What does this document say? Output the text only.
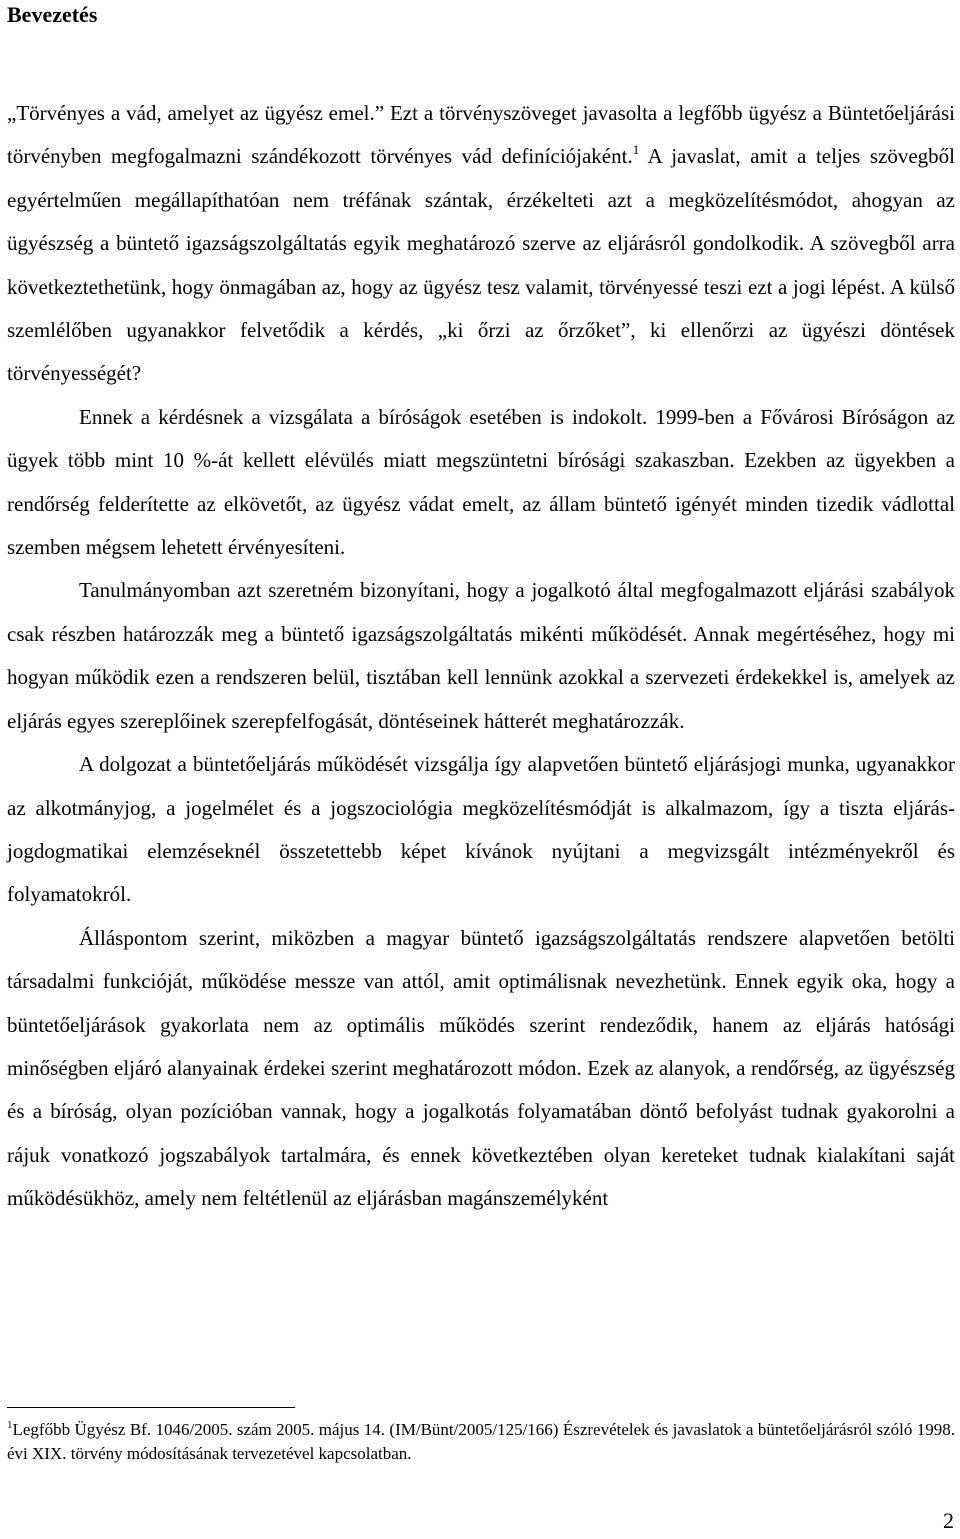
Bevezetés

„Törvényes a vád, amelyet az ügyész emel.” Ezt a törvényszöveget javasolta a legfőbb ügyész a Büntetőeljárási törvényben megfogalmazni szándékozott törvényes vád definíciójaként.$^1$ A javaslat, amit a teljes szövegből egyértelműen megállapíthatóan nem tréfának szántak, érzékelteti azt a megközelítésmódot, ahogyan az ügyészség a büntető igazságszolgáltatás egyik meghatározó szerve az eljárásról gondolkodik. A szövegből arra következtethetünk, hogy önmagában az, hogy az ügyész tesz valamit, törvényessé teszi ezt a jogi lépést. A külső szemlélőben ugyanakkor felvetődik a kérdés, „ki őrzi az őrzőket”, ki ellenőrzi az ügyészi döntések törvényességét?

Ennek a kérdésnek a vizsgálata a bíróságok esetében is indokolt. 1999-ben a Fővárosi Bíróságon az ügyek több mint 10 %-át kellett elévülés miatt megszüntetni bírósági szakaszban. Ezekben az ügyekben a rendőrség felderítette az elkövetőt, az ügyész vádat emelt, az állam büntető igényét minden tizedik vádlottal szemben mégsem lehetett érvényesíteni.

Tanulmányomban azt szeretném bizonyítani, hogy a jogalkotó által megfogalmazott eljárási szabályok csak részben határozzák meg a büntető igazságszolgáltatás mikénti működését. Annak megértéséhez, hogy mi hogyan működik ezen a rendszeren belül, tisztában kell lennünk azokkal a szervezeti érdekekkel is, amelyek az eljárás egyes szereplőinek szerepfelfogását, döntéseinek hátterét meghatározzák.

A dolgozat a büntetőeljárás működését vizsgálja így alapvetően büntető eljárásjogi munka, ugyanakkor az alkotmányjog, a jogelmélet és a jogszociológia megközelítésmódját is alkalmazom, így a tiszta eljárás-jogdogmatikai elemzéseknél összetettebb képet kívánok nyújtani a megvizsgált intézményekről és folyamatokról.

Álláspontom szerint, miközben a magyar büntető igazságszolgáltatás rendszere alapvetően betölti társadalmi funkcióját, működése messze van attól, amit optimálisnak nevezhetünk. Ennek egyik oka, hogy a büntetőeljárások gyakorlata nem az optimális működés szerint rendeződik, hanem az eljárás hatósági minőségben eljáró alanyainak érdekei szerint meghatározott módon. Ezek az alanyok, a rendőrség, az ügyészség és a bíróság, olyan pozícióban vannak, hogy a jogalkotás folyamatában döntő befolyást tudnak gyakorolni a rájuk vonatkozó jogszabályok tartalmára, és ennek következtében olyan kereteket tudnak kialakítani saját működésükhöz, amely nem feltétlenül az eljárásban magánszemélyként

$^1$Legfőbb Ügyész Bf. 1046/2005. szám 2005. május 14. (IM/Bünt/2005/125/166) Észrevételek és javaslatok a büntetőeljárásról szóló 1998. évi XIX. törvény módosításának tervezetével kapcsolatban.
2
